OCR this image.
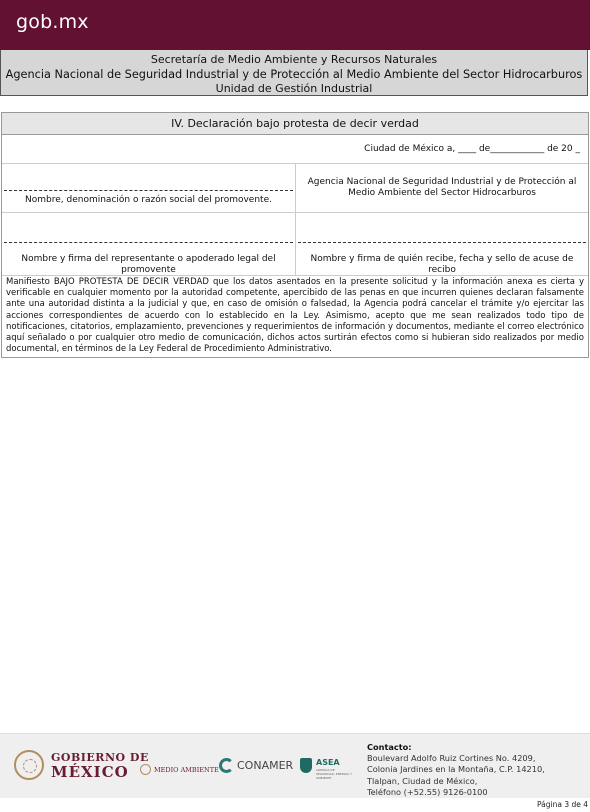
gob.mx
Secretaría de Medio Ambiente y Recursos Naturales
Agencia Nacional de Seguridad Industrial y de Protección al Medio Ambiente del Sector Hidrocarburos
Unidad de Gestión Industrial
IV. Declaración bajo protesta de decir verdad
Ciudad de México a, ____ de____________ de 20 _
Nombre, denominación o razón social del promovente.
Agencia Nacional de Seguridad Industrial y de Protección al Medio Ambiente del Sector Hidrocarburos
Nombre y firma del representante o apoderado legal del promovente
Nombre y firma de quién recibe, fecha y sello de acuse de recibo
Manifiesto BAJO PROTESTA DE DECIR VERDAD que los datos asentados en la presente solicitud y la información anexa es cierta y verificable en cualquier momento por la autoridad competente, apercibido de las penas en que incurren quienes declaran falsamente ante una autoridad distinta a la judicial y que, en caso de omisión o falsedad, la Agencia podrá cancelar el trámite y/o ejercitar las acciones correspondientes de acuerdo con lo establecido en la Ley. Asimismo, acepto que me sean realizados todo tipo de notificaciones, citatorios, emplazamiento, prevenciones y requerimientos de información y documentos, mediante el correo electrónico aquí señalado o por cualquier otro medio de comunicación, dichos actos surtirán efectos como si hubieran sido realizados por medio documental, en términos de la Ley Federal de Procedimiento Administrativo.
GOBIERNO DE
MÉXICO	MEDIO AMBIENTE CONAMER	ASEA
AGENCIA DE SEGURIDAD, ENERGÍA Y AMBIENTE
Contacto:
Boulevard Adolfo Ruiz Cortines No. 4209,
Colonia Jardines en la Montaña, C.P. 14210,
Tlalpan, Ciudad de México,
Teléfono (+52.55) 9126-0100
Página 3 de 4
